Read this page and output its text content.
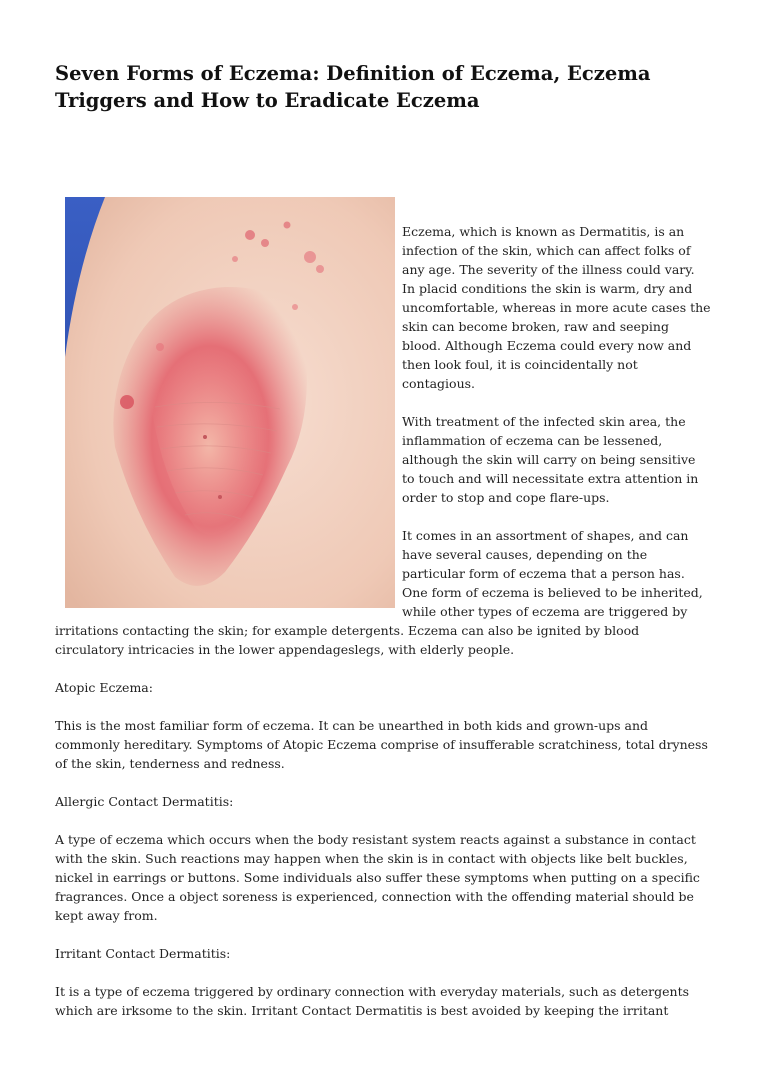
Seven Forms of Eczema: Definition of Eczema, Eczema Triggers and How to Eradicate Eczema

Eczema, which is known as Dermatitis, is an infection of the skin, which can affect folks of any age. The severity of the illness could vary. In placid conditions the skin is warm, dry and uncomfortable, whereas in more acute cases the skin can become broken, raw and seeping blood. Although Eczema could every now and then look foul, it is coincidentally not contagious.

With treatment of the infected skin area, the inflammation of eczema can be lessened, although the skin will carry on being sensitive to touch and will necessitate extra attention in order to stop and cope flare-ups.

It comes in an assortment of shapes, and can have several causes, depending on the particular form of eczema that a person has. One form of eczema is believed to be inherited, while other types of eczema are triggered by irritations contacting the skin; for example detergents. Eczema can also be ignited by blood circulatory intricacies in the lower appendageslegs, with elderly people.

Atopic Eczema:

This is the most familiar form of eczema. It can be unearthed in both kids and grown-ups and commonly hereditary. Symptoms of Atopic Eczema comprise of insufferable scratchiness, total dryness of the skin, tenderness and redness.

Allergic Contact Dermatitis:

A type of eczema which occurs when the body resistant system reacts against a substance in contact with the skin. Such reactions may happen when the skin is in contact with objects like belt buckles, nickel in earrings or buttons. Some individuals also suffer these symptoms when putting on a specific fragrances. Once a object soreness is experienced, connection with the offending material should be kept away from.

Irritant Contact Dermatitis:

It is a type of eczema triggered by ordinary connection with everyday materials, such as detergents which are irksome to the skin. Irritant Contact Dermatitis is best avoided by keeping the irritant
